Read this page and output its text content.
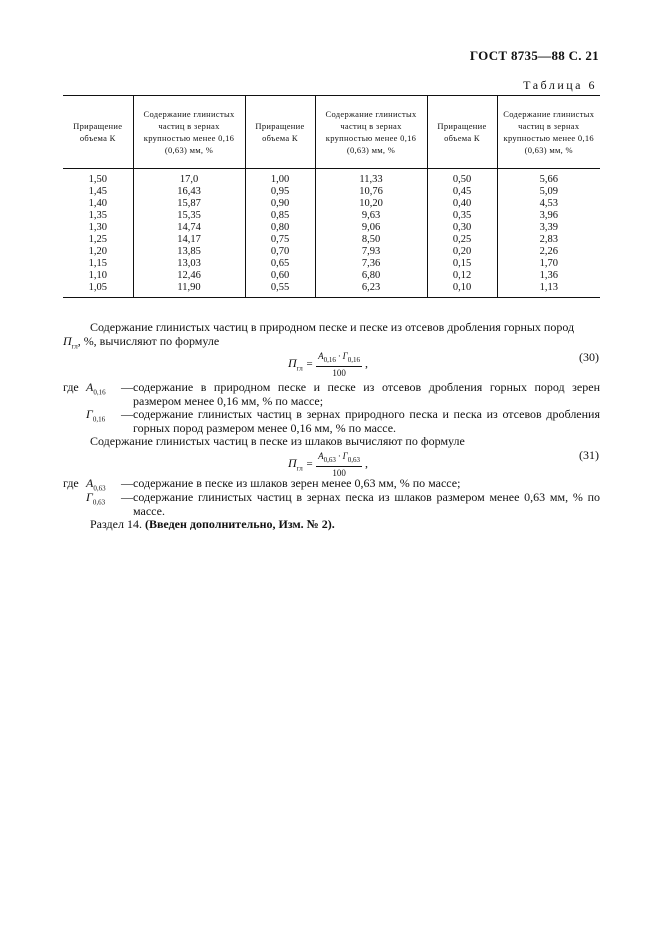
ГОСТ 8735—88 С. 21
Таблица 6
Приращение объема К	Содержание глинистых частиц в зернах крупностью менее 0,16 (0,63) мм, %	Приращение объема К	Содержание глинистых частиц в зернах крупностью менее 0,16 (0,63) мм, %	Приращение объема К	Содержание глинистых частиц в зернах крупностью менее 0,16 (0,63) мм, %
1,50	17,0	1,00	11,33	0,50	5,66
1,45	16,43	0,95	10,76	0,45	5,09
1,40	15,87	0,90	10,20	0,40	4,53
1,35	15,35	0,85	9,63	0,35	3,96
1,30	14,74	0,80	9,06	0,30	3,39
1,25	14,17	0,75	8,50	0,25	2,83
1,20	13,85	0,70	7,93	0,20	2,26
1,15	13,03	0,65	7,36	0,15	1,70
1,10	12,46	0,60	6,80	0,12	1,36
1,05	11,90	0,55	6,23	0,10	1,13
Содержание глинистых частиц в природном песке и песке из отсевов дробления горных пород
$П_{гл}$, %, вычисляют по формуле
$П_{гл} = \frac{А_{0,16} \cdot Г_{0,16}}{100}$ ,	(30)
где $А_{0,16}$ — содержание в природном песке и песке из отсевов дробления горных пород зерен размером менее 0,16 мм, % по массе;
$Г_{0,16}$ — содержание глинистых частиц в зернах природного песка и песка из отсевов дробления горных пород размером менее 0,16 мм, % по массе.
Содержание глинистых частиц в песке из шлаков вычисляют по формуле
$П_{гл} = \frac{А_{0,63} \cdot Г_{0,63}}{100}$ ,
(31)
где $А_{0,63}$ — содержание в песке из шлаков зерен менее 0,63 мм, % по массе;
$Г_{0,63}$ — содержание глинистых частиц в зернах песка из шлаков размером менее 0,63 мм, % по массе.
Раздел 14. (Введен дополнительно, Изм. № 2).
